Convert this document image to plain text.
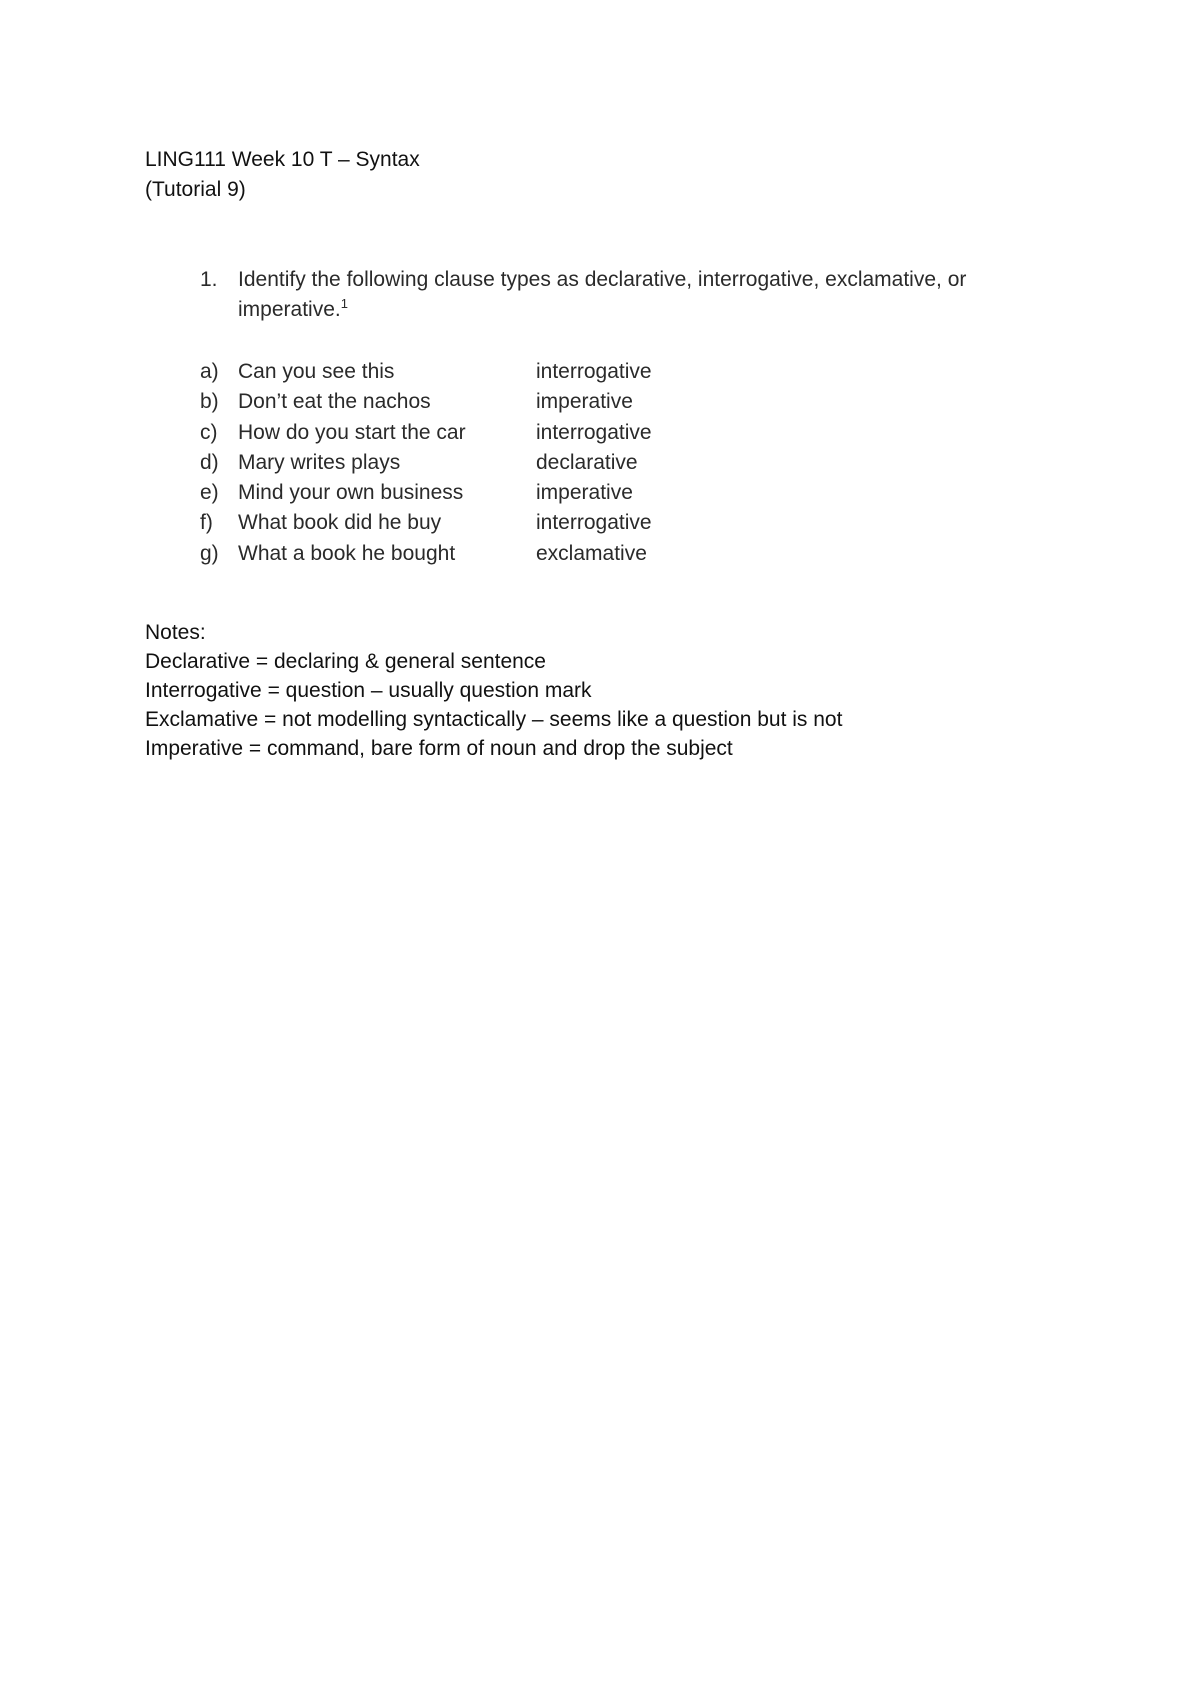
LING111 Week 10 T – Syntax
(Tutorial 9)
1. Identify the following clause types as declarative, interrogative, exclamative, or imperative.$^1$
a) Can you see this	interrogative
b) Don’t eat the nachos	imperative
c) How do you start the car	interrogative
d) Mary writes plays	declarative
e) Mind your own business	imperative
f) What book did he buy	interrogative
g) What a book he bought	exclamative
Notes:
Declarative = declaring & general sentence
Interrogative = question – usually question mark
Exclamative = not modelling syntactically – seems like a question but is not
Imperative = command, bare form of noun and drop the subject
